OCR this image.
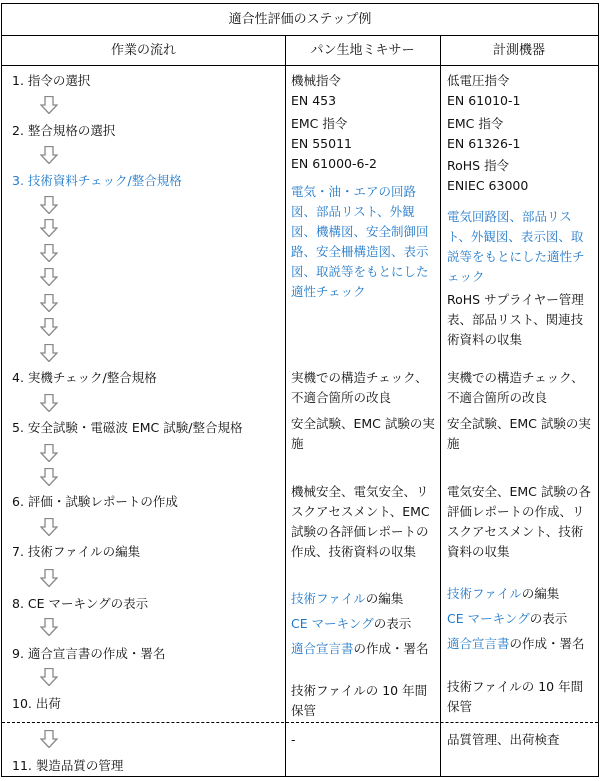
適合性評価のステップ例
作業の流れ	パン生地ミキサー	計測機器

1. 指令の選択

2. 整合規格の選択

3. 技術資料チェック/整合規格

4. 実機チェック/整合規格

5. 安全試験・電磁波 EMC 試験/整合規格

6. 評価・試験レポートの作成

7. 技術ファイルの編集

8. CE マーキングの表示

9. 適合宣言書の作成・署名

10. 出荷

11. 製造品質の管理

機械指令
EN 453

EMC 指令
EN 55011
EN 61000-6-2

電気・油・エアの回路図、部品リスト、外観図、機構図、安全制御回路、安全柵構造図、表示図、取説等をもとにした適性チェック

実機での構造チェック、不適合箇所の改良

安全試験、EMC 試験の実施

機械安全、電気安全、リスクアセスメント、EMC 試験の各評価レポートの作成、技術資料の収集

技術ファイルの編集

CE マーキングの表示

適合宣言書の作成・署名

技術ファイルの 10 年間保管

-

低電圧指令
EN 61010-1

EMC 指令
EN 61326-1

RoHS 指令
ENIEC 63000

電気回路図、部品リスト、外観図、表示図、取説等をもとにした適性チェック

RoHS サプライヤー管理表、部品リスト、関連技術資料の収集

実機での構造チェック、不適合箇所の改良

安全試験、EMC 試験の実施

電気安全、EMC 試験の各評価レポートの作成、リスクアセスメント、技術資料の収集

技術ファイルの編集

CE マーキングの表示

適合宣言書の作成・署名

技術ファイルの 10 年間保管

品質管理、出荷検査
